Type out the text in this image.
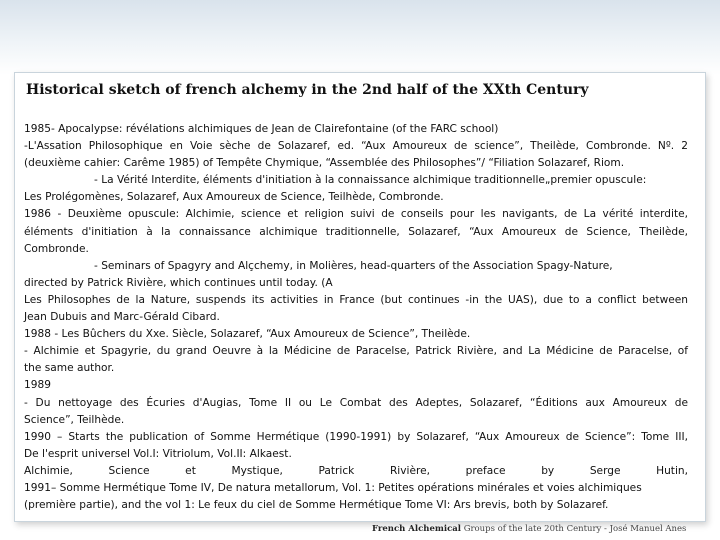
Historical sketch of french alchemy in the 2nd half of the XXth Century

1985- Apocalypse: révélations alchimiques de Jean de Clairefontaine (of the FARC school)

-L'Assation Philosophique en Voie sèche de Solazaref, ed. “Aux Amoureux de science”, Theilède, Combronde. Nº. 2

(deuxième cahier: Carême 1985) of Tempête Chymique, “Assemblée des Philosophes”/ “Filiation Solazaref, Riom.

- La Vérité Interdite, éléments d'initiation à la connaissance alchimique traditionnelle„premier opuscule:

Les Prolégomènes, Solazaref, Aux Amoureux de Science, Teilhède, Combronde.

1986 - Deuxième opuscule: Alchimie, science et religion suivi de conseils pour les navigants, de La vérité interdite,

éléments d'initiation à la connaissance alchimique traditionnelle, Solazaref, “Aux Amoureux de Science, Theilède,

Combronde.

- Seminars of Spagyry and Alçchemy, in Molières, head-quarters of the Association Spagy-Nature,

directed by Patrick Rivière, which continues until today. (A

Les Philosophes de la Nature, suspends its activities in France (but continues -in the UAS), due to a conflict between

Jean Dubuis and Marc-Gérald Cibard.

1988 - Les Bûchers du Xxe. Siècle, Solazaref, “Aux Amoureux de Science”, Theilède.

- Alchimie et Spagyrie, du grand Oeuvre à la Médicine de Paracelse, Patrick Rivière, and La Médicine de Paracelse, of

the same author.

1989

- Du nettoyage des Écuries d'Augias, Tome II ou Le Combat des Adeptes, Solazaref, “Éditions aux Amoureux de

Science”, Teilhède.

1990 – Starts the publication of Somme Hermétique (1990-1991) by Solazaref, “Aux Amoureux de Science”: Tome III,

De l'esprit universel Vol.I: Vitriolum, Vol.II: Alkaest.

Alchimie, Science et Mystique, Patrick Rivière, preface by Serge Hutin,

1991– Somme Hermétique Tome IV, De natura metallorum, Vol. 1: Petites opérations minérales et voies alchimiques

(première partie), and the vol 1: Le feux du ciel de Somme Hermétique Tome VI: Ars brevis, both by Solazaref.

French Alchemical Groups of the late 20th Century - José Manuel Anes
